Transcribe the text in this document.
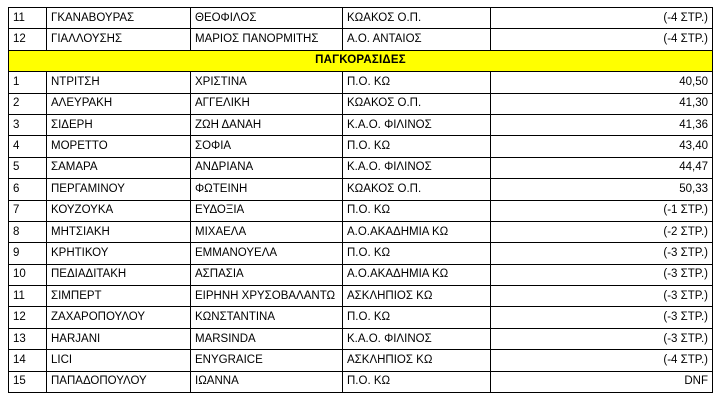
11	ΓΚΑΝΑΒΟΥΡΑΣ	ΘΕΟΦΙΛΟΣ	ΚΩΑΚΟΣ Ο.Π.	(-4 ΣΤΡ.)
12	ΓΙΑΛΛΟΥΣΗΣ	ΜΑΡΙΟΣ ΠΑΝΟΡΜΙΤΗΣ	Α.Ο. ΑΝΤΑΙΟΣ	(-4 ΣΤΡ.)
ΠΑΓΚΟΡΑΣΙΔΕΣ				
1	ΝΤΡΙΤΣΗ	ΧΡΙΣΤΙΝΑ	Π.Ο. ΚΩ	40,50
2	ΑΛΕΥΡΑΚΗ	ΑΓΓΕΛΙΚΗ	ΚΩΑΚΟΣ Ο.Π.	41,30
3	ΣΙΔΕΡΗ	ΖΩΗ ΔΑΝΑΗ	Κ.Α.Ο. ΦΙΛΙΝΟΣ	41,36
4	ΜΟΡΕΤΤΟ	ΣΟΦΙΑ	Π.Ο. ΚΩ	43,40
5	ΣΑΜΑΡΑ	ΑΝΔΡΙΑΝΑ	Κ.Α.Ο. ΦΙΛΙΝΟΣ	44,47
6	ΠΕΡΓΑΜΙΝΟΥ	ΦΩΤΕΙΝΗ	ΚΩΑΚΟΣ Ο.Π.	50,33
7	ΚΟΥΖΟΥΚΑ	ΕΥΔΟΞΙΑ	Π.Ο. ΚΩ	(-1 ΣΤΡ.)
8	ΜΗΤΣΙΑΚΗ	ΜΙΧΑΕΛΑ	Α.Ο.ΑΚΑΔΗΜΙΑ ΚΩ	(-2 ΣΤΡ.)
9	ΚΡΗΤΙΚΟΥ	ΕΜΜΑΝΟΥΕΛΑ	Π.Ο. ΚΩ	(-3 ΣΤΡ.)
10	ΠΕΔΙΑΔΙΤΑΚΗ	ΑΣΠΑΣΙΑ	Α.Ο.ΑΚΑΔΗΜΙΑ ΚΩ	(-3 ΣΤΡ.)
11	ΣΙΜΠΕΡΤ	ΕΙΡΗΝΗ ΧΡΥΣΟΒΑΛΑΝΤΩ	ΑΣΚΛΗΠΙΟΣ ΚΩ	(-3 ΣΤΡ.)
12	ΖΑΧΑΡΟΠΟΥΛΟΥ	ΚΩΝΣΤΑΝΤΙΝΑ	Π.Ο. ΚΩ	(-3 ΣΤΡ.)
13	HARJANI	MARSINDA	Κ.Α.Ο. ΦΙΛΙΝΟΣ	(-3 ΣΤΡ.)
14	LICI	ENYGRAICE	ΑΣΚΛΗΠΙΟΣ ΚΩ	(-4 ΣΤΡ.)
15	ΠΑΠΑΔΟΠΟΥΛΟΥ	ΙΩΑΝΝΑ	Π.Ο. ΚΩ	DNF
